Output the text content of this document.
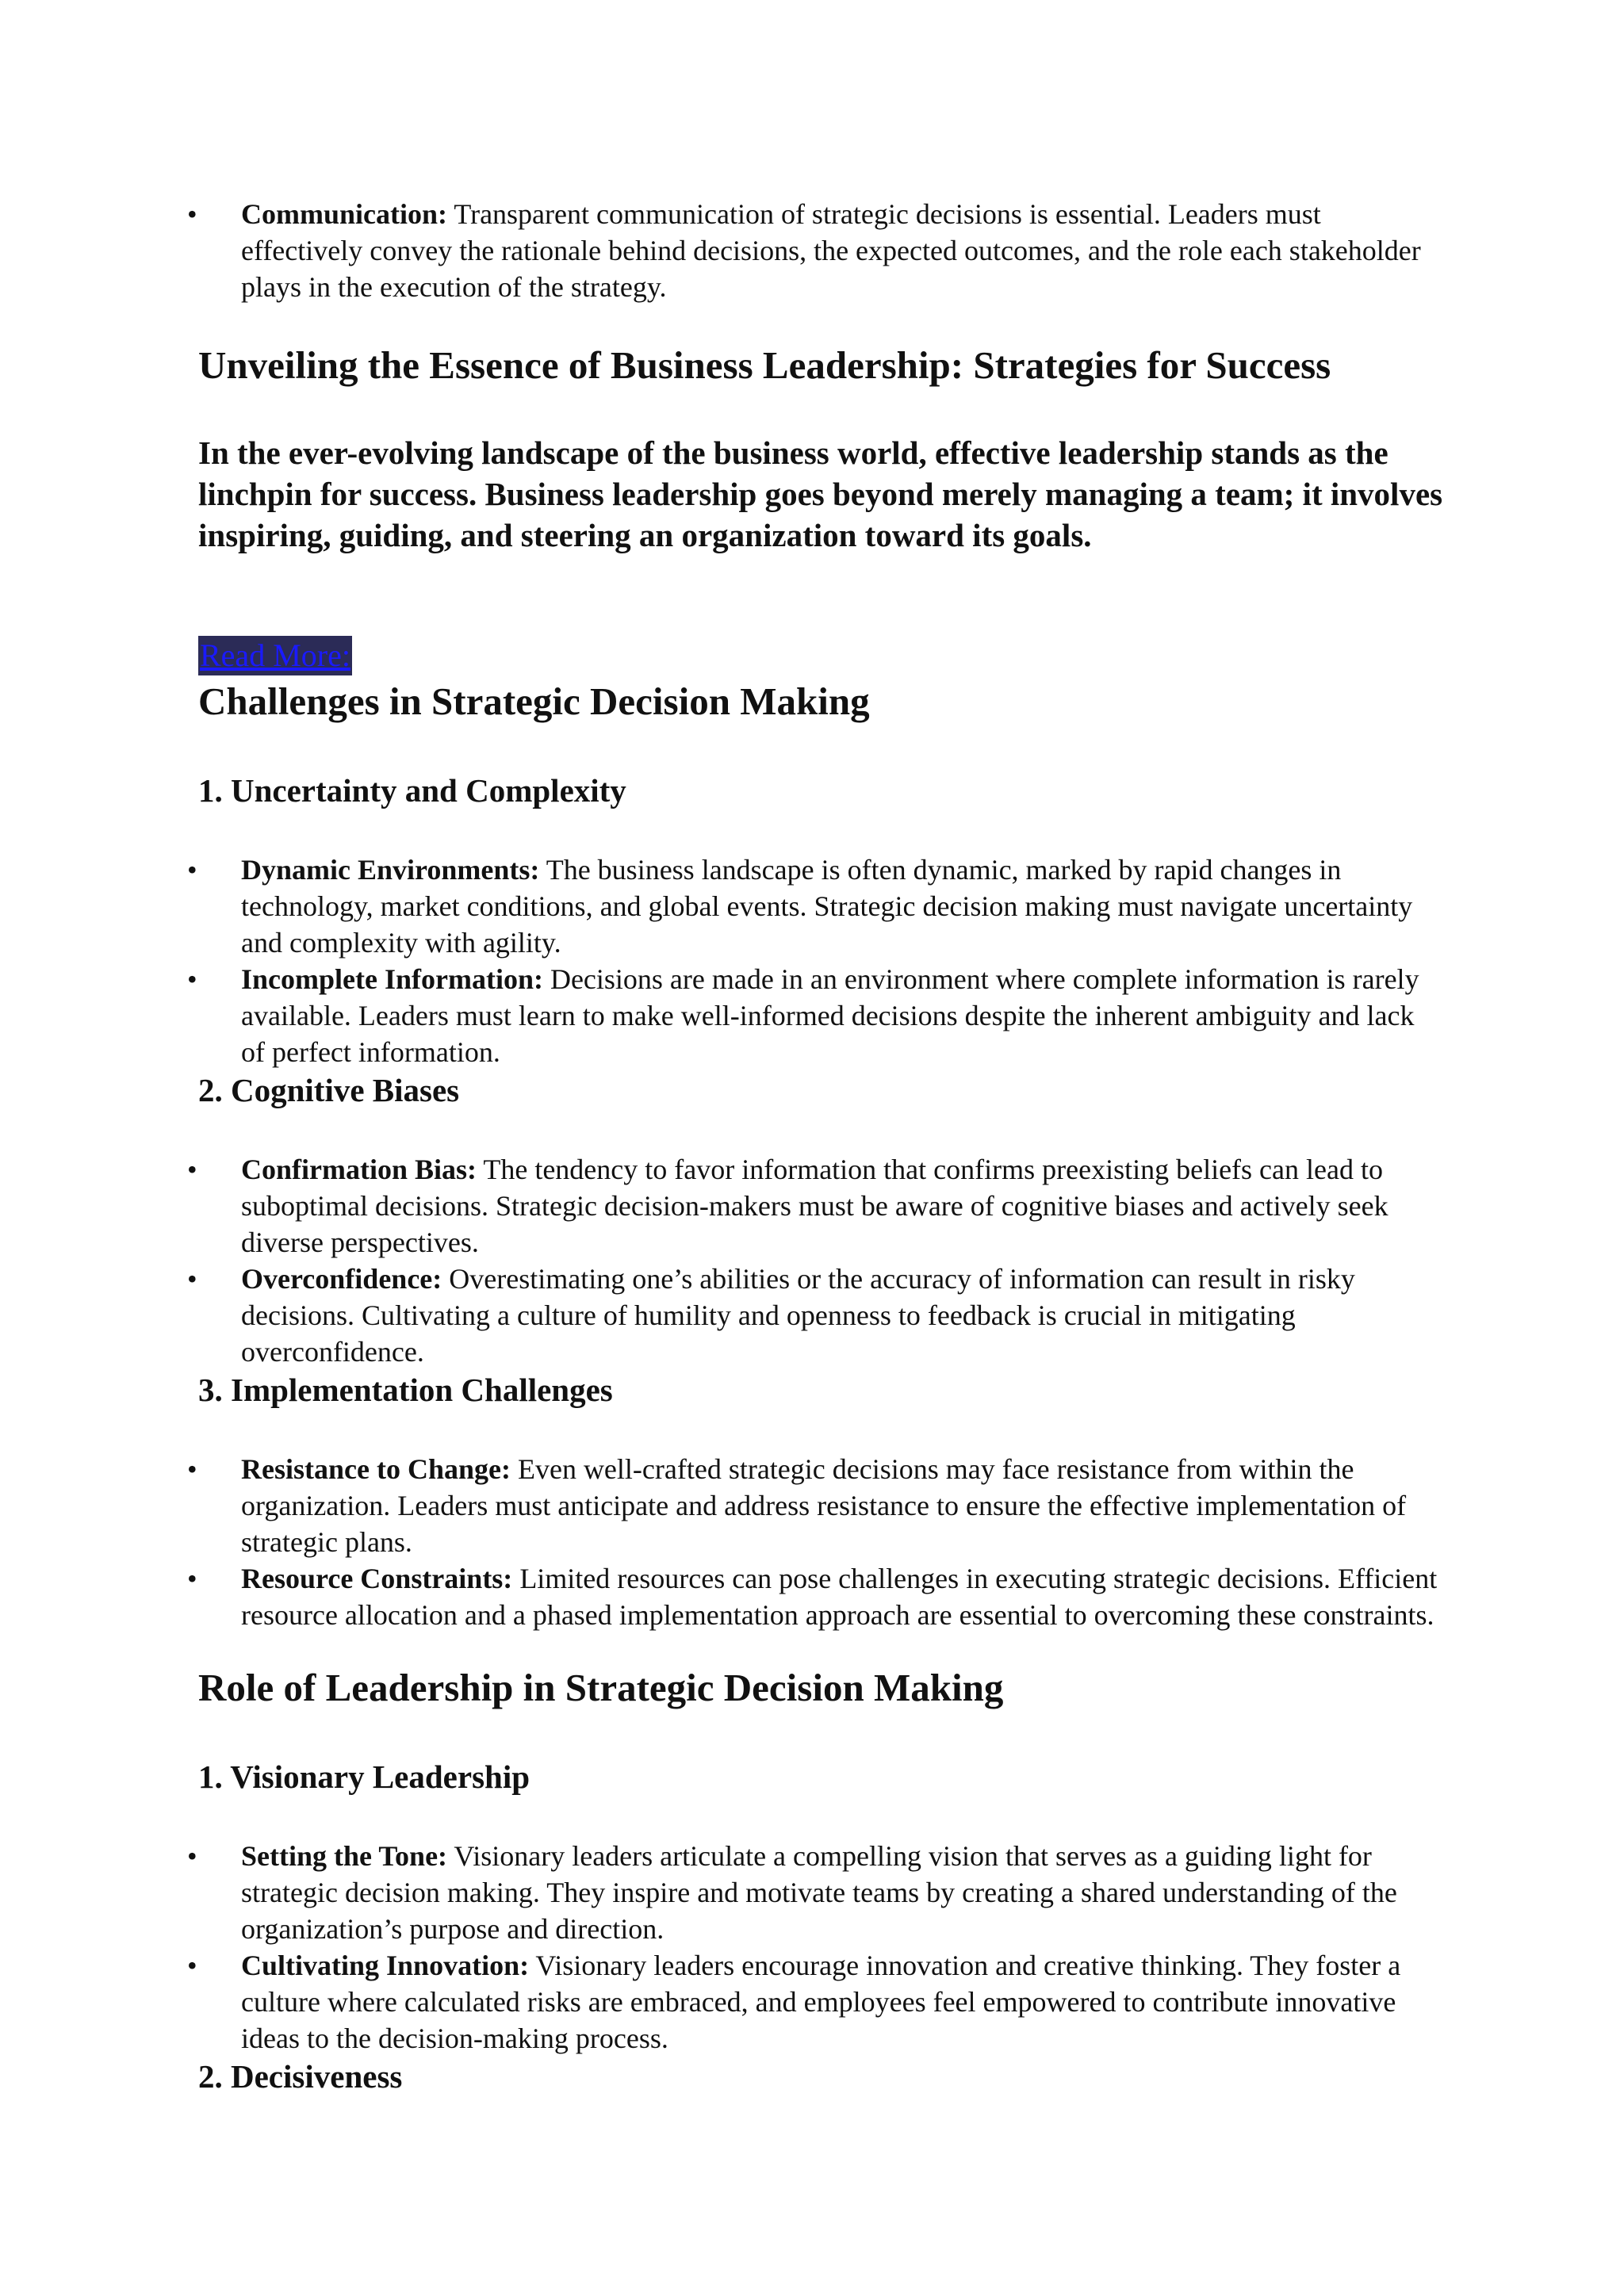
• Communication: Transparent communication of strategic decisions is essential. Leaders must effectively convey the rationale behind decisions, the expected outcomes, and the role each stakeholder plays in the execution of the strategy.
Unveiling the Essence of Business Leadership: Strategies for Success

In the ever-evolving landscape of the business world, effective leadership stands as the linchpin for success. Business leadership goes beyond merely managing a team; it involves inspiring, guiding, and steering an organization toward its goals.

Read More:
Challenges in Strategic Decision Making
1. Uncertainty and Complexity
• Dynamic Environments: The business landscape is often dynamic, marked by rapid changes in technology, market conditions, and global events. Strategic decision making must navigate uncertainty and complexity with agility.
• Incomplete Information: Decisions are made in an environment where complete information is rarely available. Leaders must learn to make well-informed decisions despite the inherent ambiguity and lack of perfect information.
2. Cognitive Biases
• Confirmation Bias: The tendency to favor information that confirms preexisting beliefs can lead to suboptimal decisions. Strategic decision-makers must be aware of cognitive biases and actively seek diverse perspectives.
• Overconfidence: Overestimating one’s abilities or the accuracy of information can result in risky decisions. Cultivating a culture of humility and openness to feedback is crucial in mitigating overconfidence.
3. Implementation Challenges
• Resistance to Change: Even well-crafted strategic decisions may face resistance from within the organization. Leaders must anticipate and address resistance to ensure the effective implementation of strategic plans.
• Resource Constraints: Limited resources can pose challenges in executing strategic decisions. Efficient resource allocation and a phased implementation approach are essential to overcoming these constraints.
Role of Leadership in Strategic Decision Making
1. Visionary Leadership
• Setting the Tone: Visionary leaders articulate a compelling vision that serves as a guiding light for strategic decision making. They inspire and motivate teams by creating a shared understanding of the organization’s purpose and direction.
• Cultivating Innovation: Visionary leaders encourage innovation and creative thinking. They foster a culture where calculated risks are embraced, and employees feel empowered to contribute innovative ideas to the decision-making process.
2. Decisiveness
